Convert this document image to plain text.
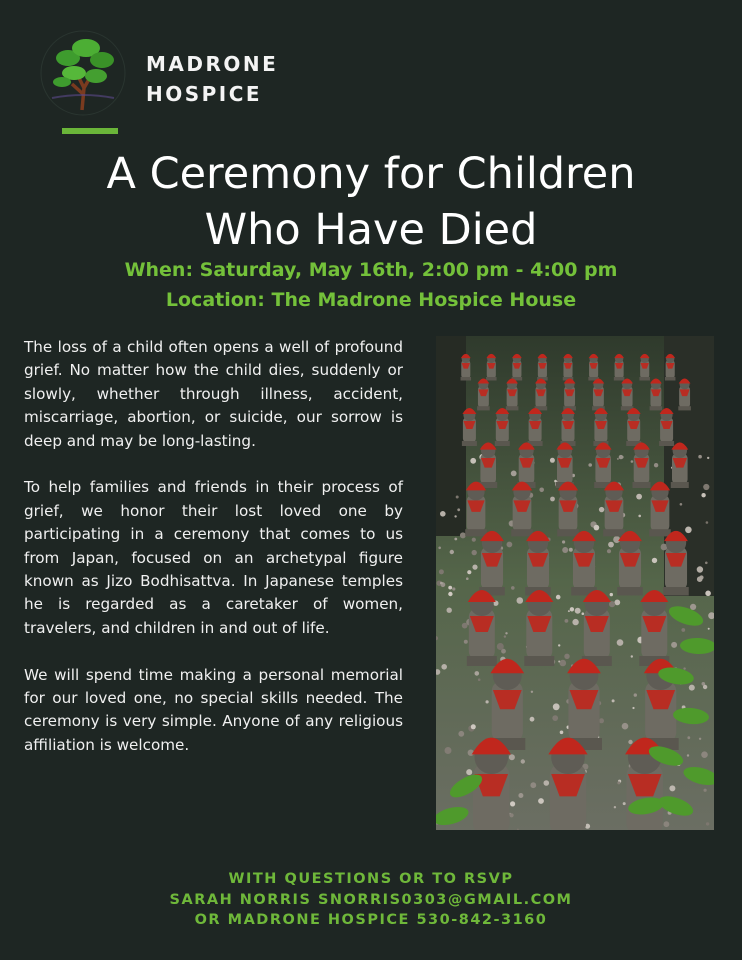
MADRONE
HOSPICE
A Ceremony for Children
Who Have Died
When: Saturday, May 16th, 2:00 pm - 4:00 pm
Location: The Madrone Hospice House

The loss of a child often opens a well of profound grief. No matter how the child dies, suddenly or slowly, whether through illness, accident, miscarriage, abortion, or suicide, our sorrow is deep and may be long-lasting.

To help families and friends in their process of grief, we honor their lost loved one by participating in a ceremony that comes to us from Japan, focused on an archetypal figure known as Jizo Bodhisattva. In Japanese temples he is regarded as a caretaker of women, travelers, and children in and out of life.

We will spend time making a personal memorial for our loved one, no special skills needed. The ceremony is very simple. Anyone of any religious affiliation is welcome.

WITH QUESTIONS OR TO RSVP
SARAH NORRIS SNORRIS0303@GMAIL.COM
OR MADRONE HOSPICE 530-842-3160
